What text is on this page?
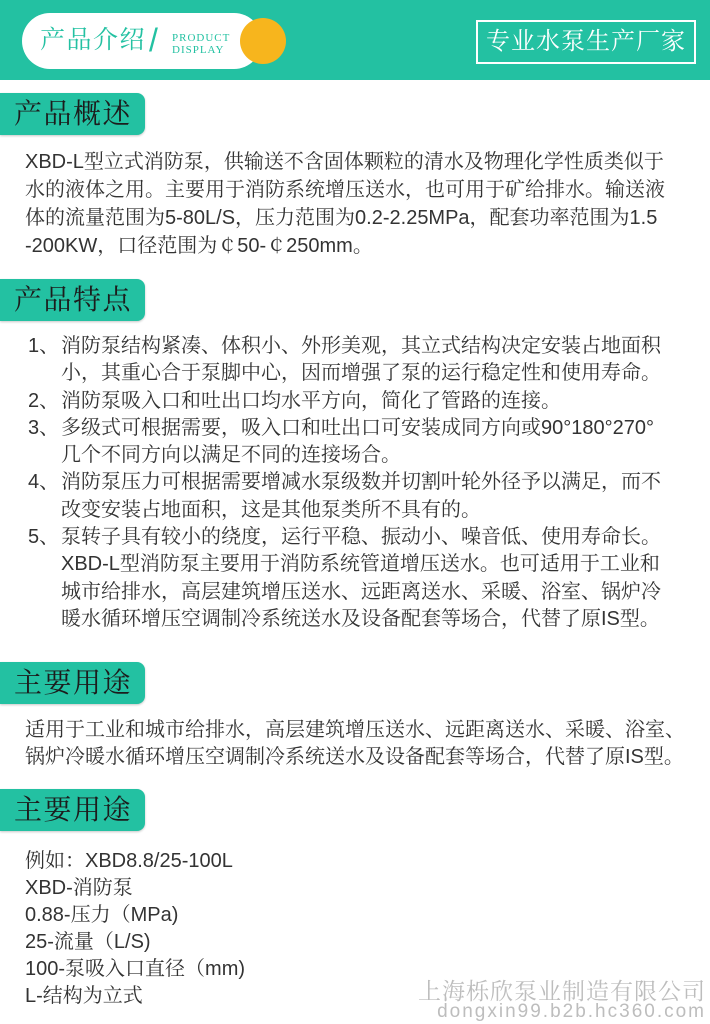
产品介绍 / PRODUCT
DISPLAY	专业水泵生产厂家
产品概述
XBD-L型立式消防泵，供输送不含固体颗粒的清水及物理化学性质类似于
水的液体之用。主要用于消防系统增压送水，也可用于矿给排水。输送液
体的流量范围为5-80L/S，压力范围为0.2-2.25MPa，配套功率范围为1.5
-200KW，口径范围为￠50-￠250mm。
产品特点
1、消防泵结构紧凑、体积小、外形美观，其立式结构决定安装占地面积
小，其重心合于泵脚中心，因而增强了泵的运行稳定性和使用寿命。
2、消防泵吸入口和吐出口均水平方向，简化了管路的连接。
3、多级式可根据需要，吸入口和吐出口可安装成同方向或90°180°270°
几个不同方向以满足不同的连接场合。
4、消防泵压力可根据需要增减水泵级数并切割叶轮外径予以满足，而不
改变安装占地面积，这是其他泵类所不具有的。
5、泵转子具有较小的绕度，运行平稳、振动小、噪音低、使用寿命长。
XBD-L型消防泵主要用于消防系统管道增压送水。也可适用于工业和
城市给排水，高层建筑增压送水、远距离送水、采暖、浴室、锅炉冷
暖水循环增压空调制冷系统送水及设备配套等场合，代替了原IS型。
主要用途
适用于工业和城市给排水，高层建筑增压送水、远距离送水、采暖、浴室、
锅炉冷暖水循环增压空调制冷系统送水及设备配套等场合，代替了原IS型。
主要用途
例如：XBD8.8/25-100L
XBD-消防泵
0.88-压力（MPa)
25-流量（L/S)
100-泵吸入口直径（mm)
L-结构为立式	上海栎欣泵业制造有限公司
dongxin99.b2b.hc360.com
